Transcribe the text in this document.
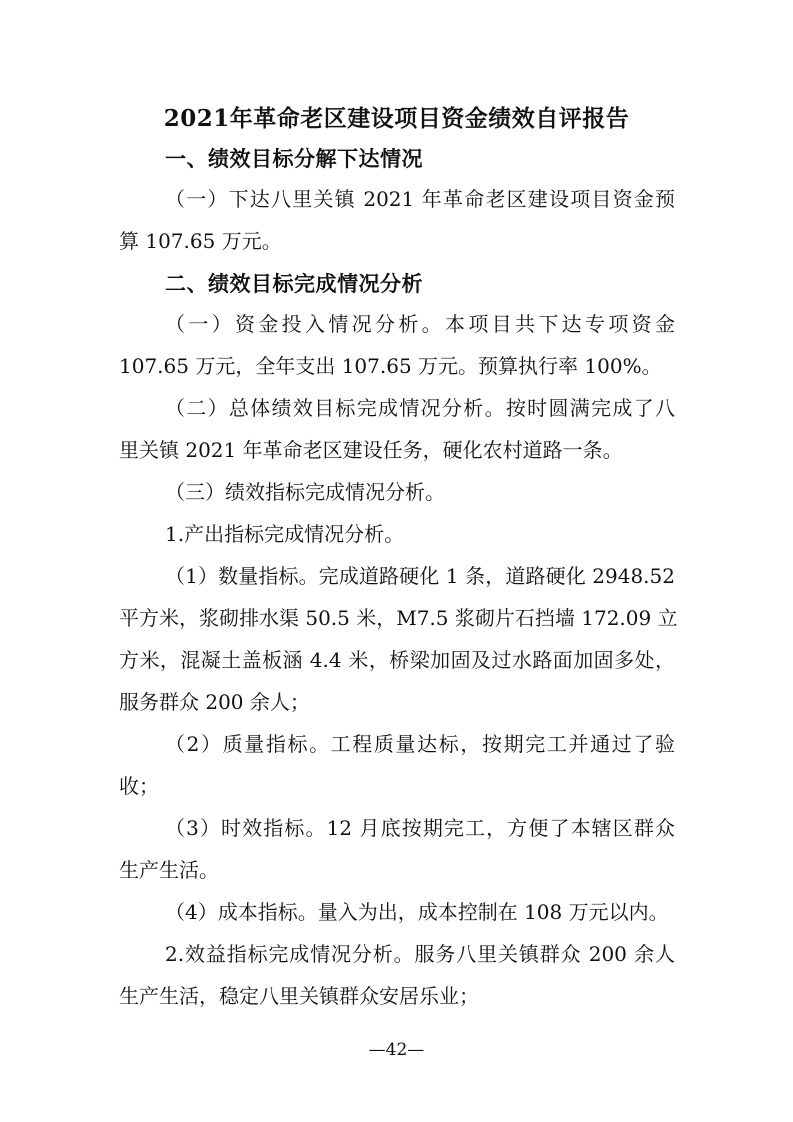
2021年革命老区建设项目资金绩效自评报告
一、绩效目标分解下达情况
（一）下达八里关镇 2021 年革命老区建设项目资金预
算 107.65 万元。
二、绩效目标完成情况分析
（一）资金投入情况分析。本项目共下达专项资金
107.65 万元，全年支出 107.65 万元。预算执行率 100%。
（二）总体绩效目标完成情况分析。按时圆满完成了八
里关镇 2021 年革命老区建设任务，硬化农村道路一条。
（三）绩效指标完成情况分析。
1.产出指标完成情况分析。
（1）数量指标。完成道路硬化 1 条，道路硬化 2948.52
平方米，浆砌排水渠 50.5 米，M7.5 浆砌片石挡墙 172.09 立
方米，混凝土盖板涵 4.4 米，桥梁加固及过水路面加固多处，
服务群众 200 余人；
（2）质量指标。工程质量达标，按期完工并通过了验
收；
（3）时效指标。12 月底按期完工，方便了本辖区群众
生产生活。
（4）成本指标。量入为出，成本控制在 108 万元以内。
2.效益指标完成情况分析。服务八里关镇群众 200 余人
生产生活，稳定八里关镇群众安居乐业；
—42—
